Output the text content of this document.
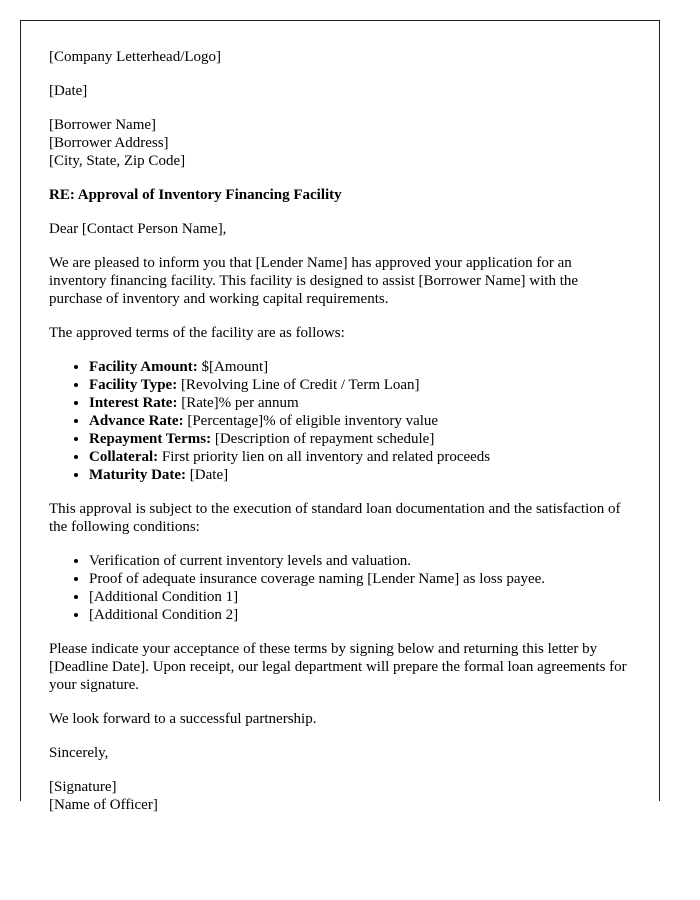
[Company Letterhead/Logo]

[Date]

[Borrower Name]
[Borrower Address]
[City, State, Zip Code]

RE: Approval of Inventory Financing Facility

Dear [Contact Person Name],

We are pleased to inform you that [Lender Name] has approved your application for an inventory financing facility. This facility is designed to assist [Borrower Name] with the purchase of inventory and working capital requirements.

The approved terms of the facility are as follows:

• Facility Amount: $[Amount]
• Facility Type: [Revolving Line of Credit / Term Loan]
• Interest Rate: [Rate]% per annum
• Advance Rate: [Percentage]% of eligible inventory value
• Repayment Terms: [Description of repayment schedule]
• Collateral: First priority lien on all inventory and related proceeds
• Maturity Date: [Date]

This approval is subject to the execution of standard loan documentation and the satisfaction of the following conditions:

• Verification of current inventory levels and valuation.
• Proof of adequate insurance coverage naming [Lender Name] as loss payee.
• [Additional Condition 1]
• [Additional Condition 2]

Please indicate your acceptance of these terms by signing below and returning this letter by [Deadline Date]. Upon receipt, our legal department will prepare the formal loan agreements for your signature.

We look forward to a successful partnership.

Sincerely,

[Signature]
[Name of Officer]
